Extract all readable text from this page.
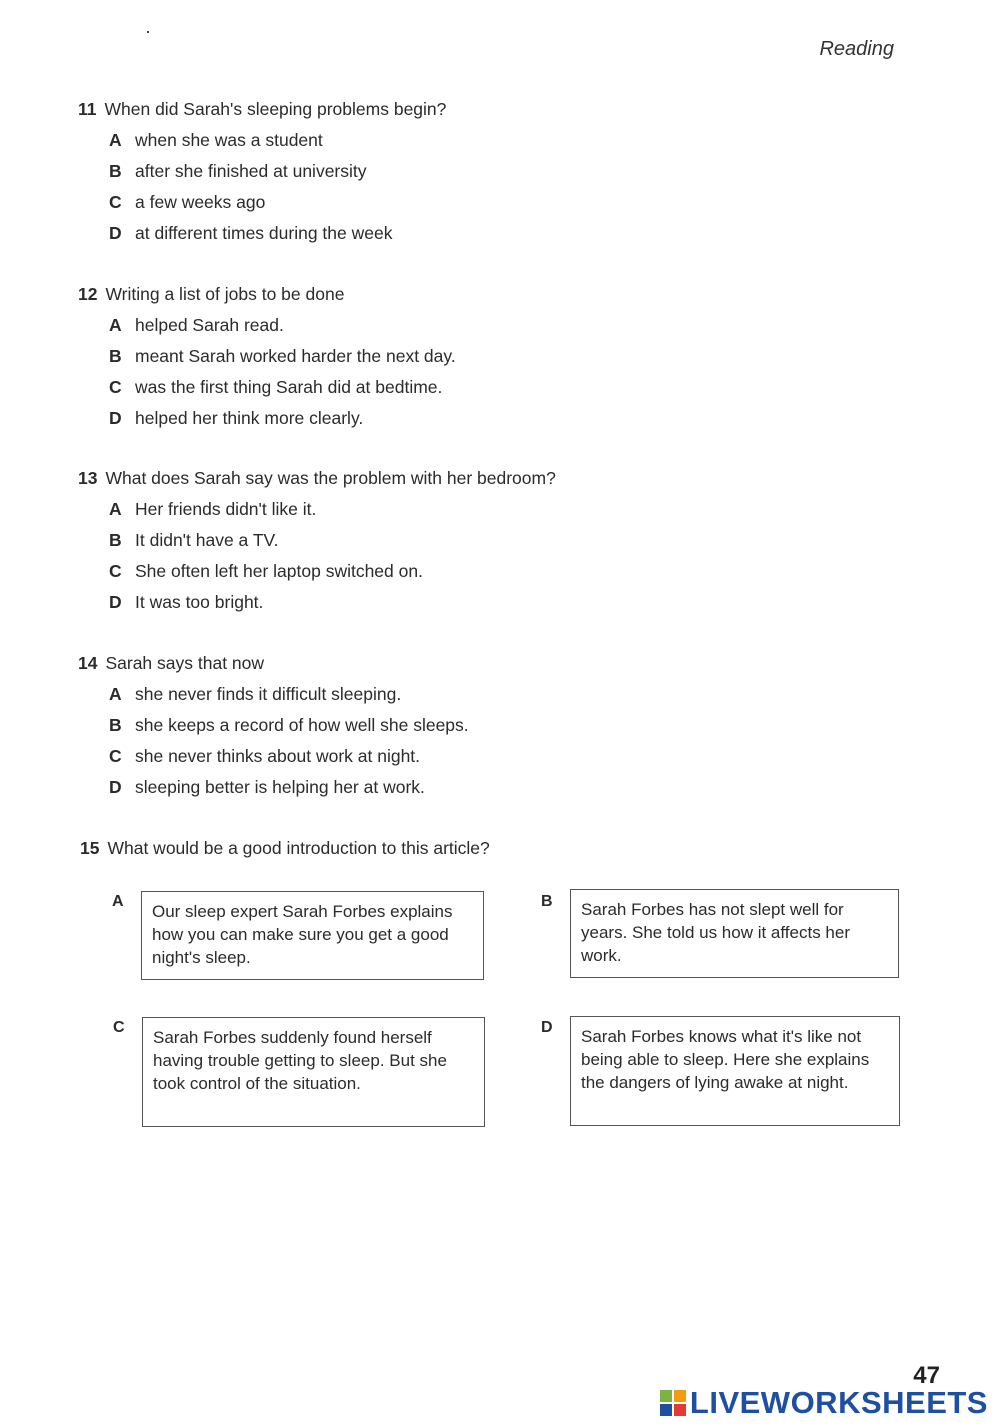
Reading
11 When did Sarah's sleeping problems begin?
A when she was a student
B after she finished at university
C a few weeks ago
D at different times during the week
12 Writing a list of jobs to be done
A helped Sarah read.
B meant Sarah worked harder the next day.
C was the first thing Sarah did at bedtime.
D helped her think more clearly.
13 What does Sarah say was the problem with her bedroom?
A Her friends didn't like it.
B It didn't have a TV.
C She often left her laptop switched on.
D It was too bright.
14 Sarah says that now
A she never finds it difficult sleeping.
B she keeps a record of how well she sleeps.
C she never thinks about work at night.
D sleeping better is helping her at work.
15 What would be a good introduction to this article?
A
Our sleep expert Sarah Forbes explains how you can make sure you get a good night's sleep.
B	Sarah Forbes has not slept well for years. She told us how it affects her work.
C
Sarah Forbes suddenly found herself having trouble getting to sleep. But she took control of the situation.
D	Sarah Forbes knows what it's like not being able to sleep. Here she explains the dangers of lying awake at night.
47
LIVEWORKSHEETS
